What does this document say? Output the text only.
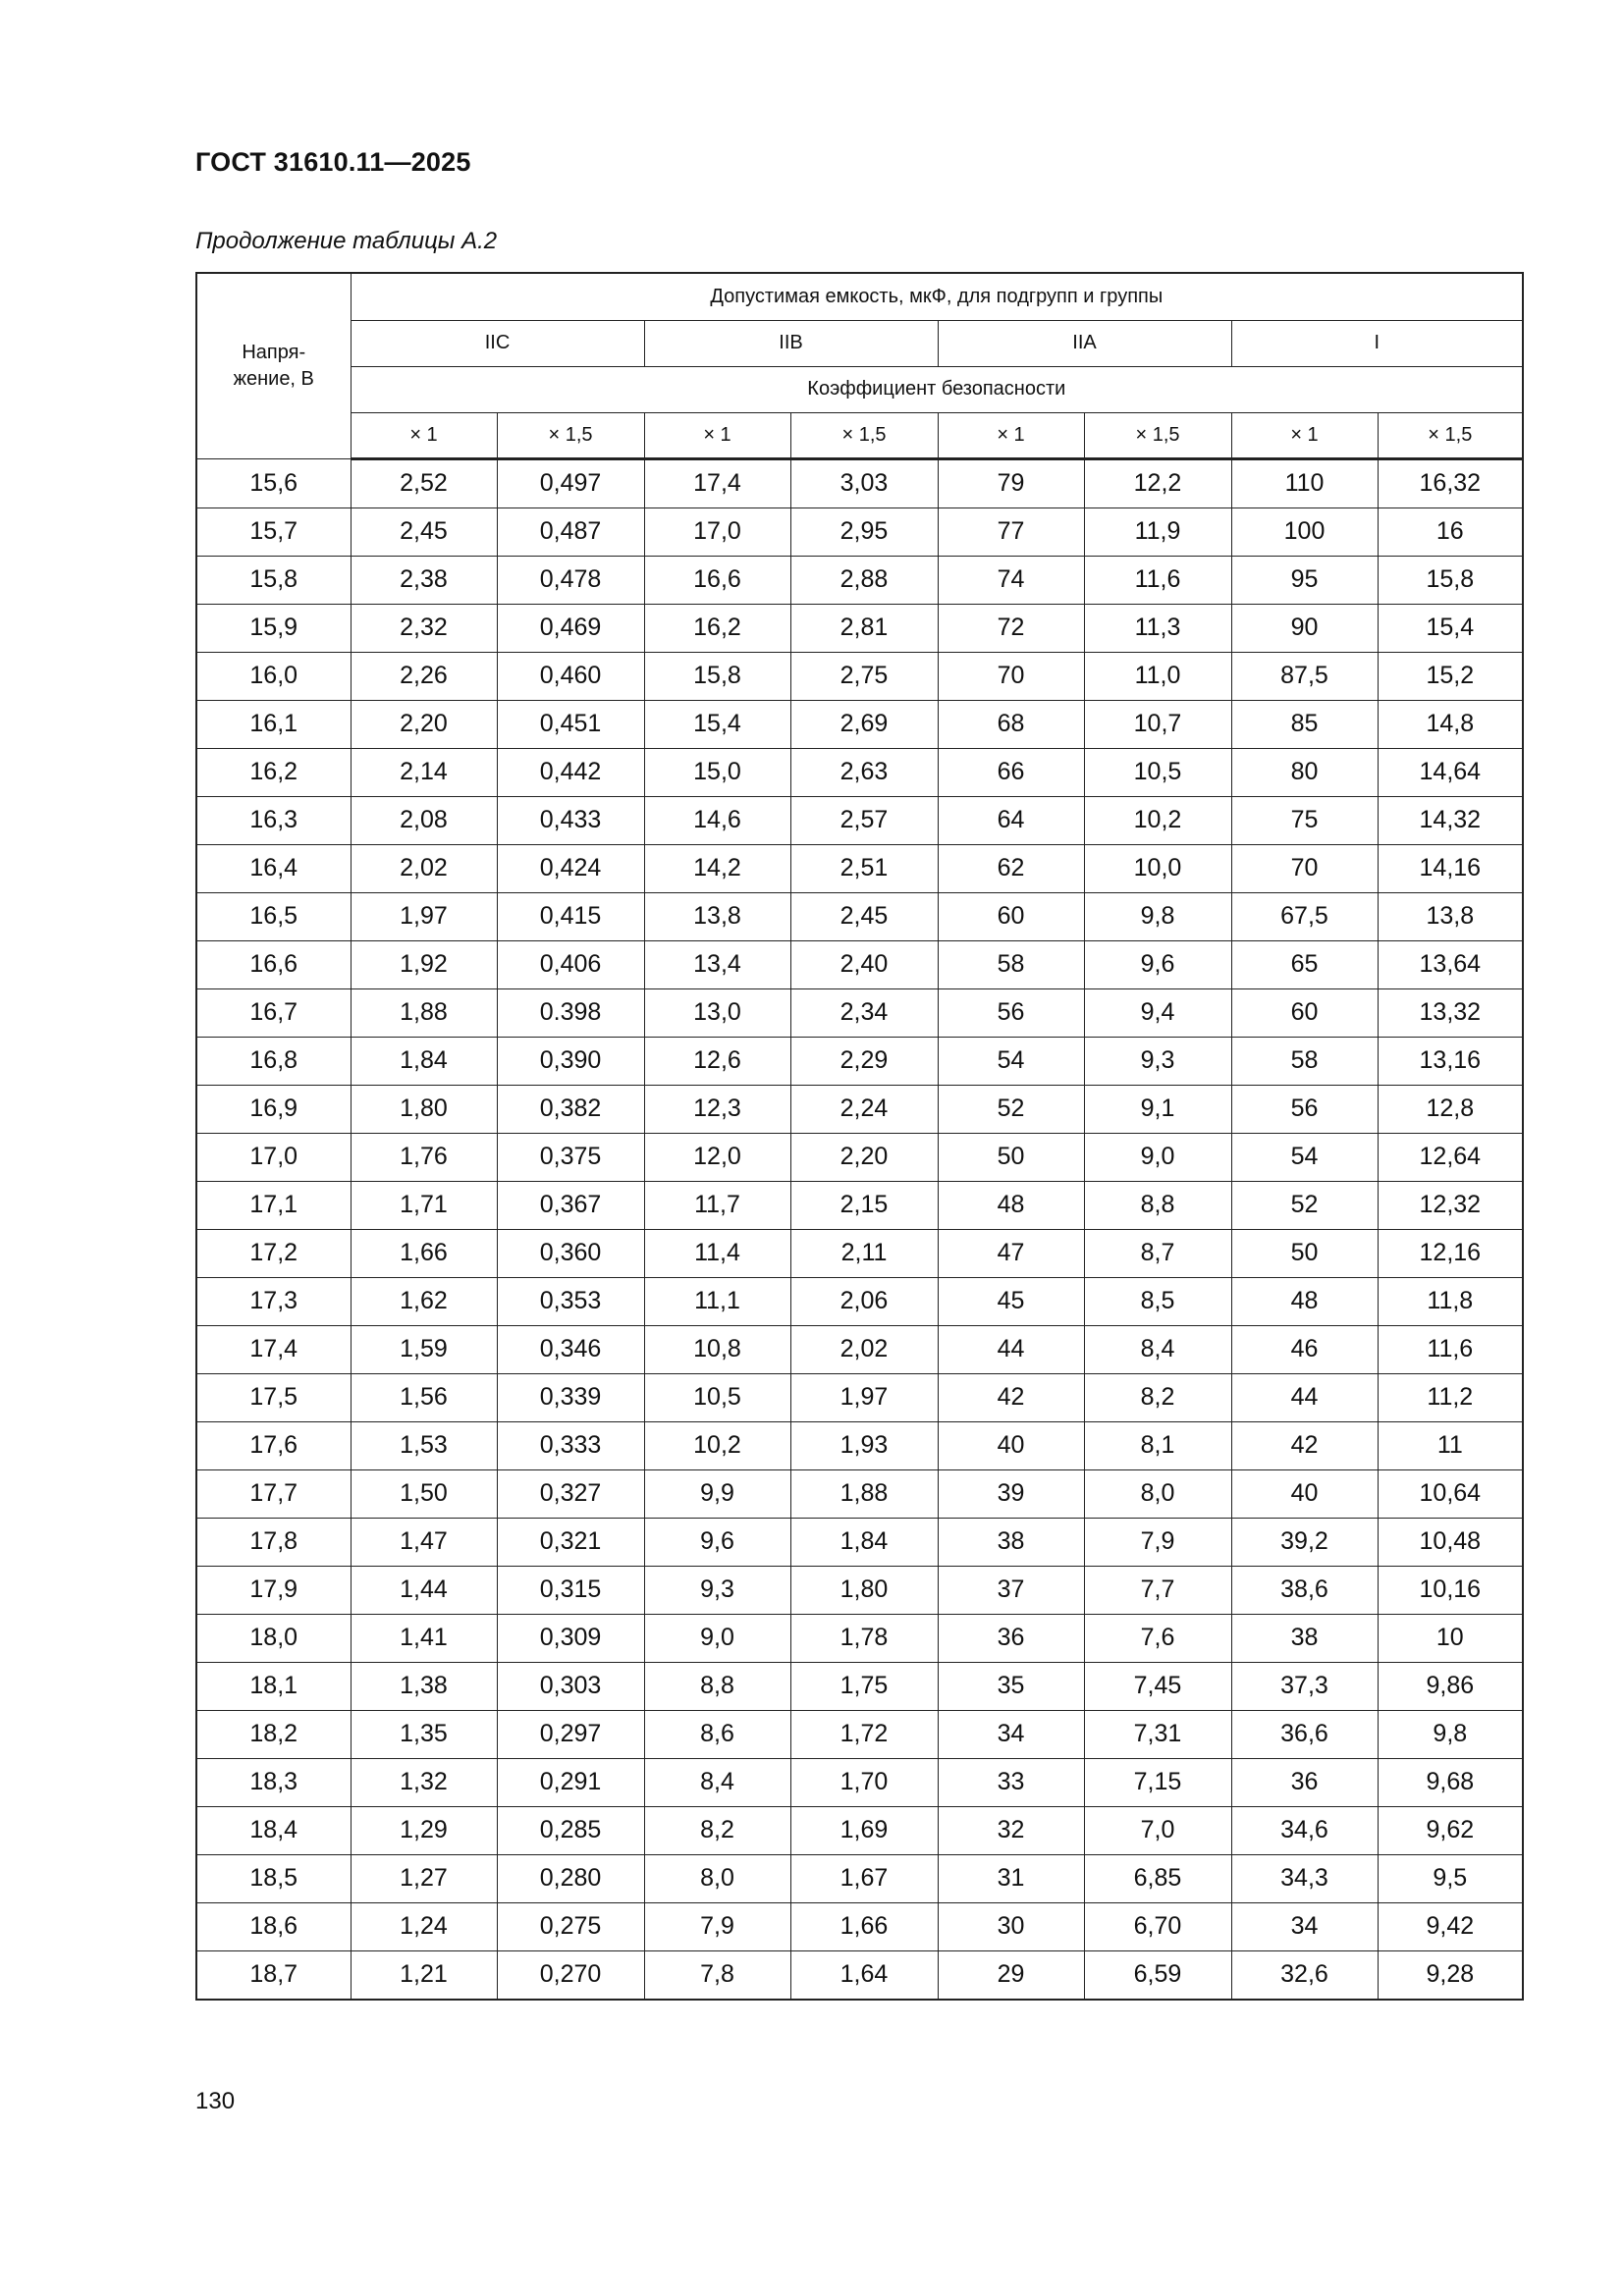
ГОСТ 31610.11—2025
Продолжение таблицы А.2
Напря-
жение, В	Допустимая емкость, мкФ, для подгрупп и группы							
	IIC		IIB		IIA		I	
	Коэффициент безопасности							
	× 1	× 1,5	× 1	× 1,5	× 1	× 1,5	× 1	× 1,5
15,6	2,52	0,497	17,4	3,03	79	12,2	110	16,32
15,7	2,45	0,487	17,0	2,95	77	11,9	100	16
15,8	2,38	0,478	16,6	2,88	74	11,6	95	15,8
15,9	2,32	0,469	16,2	2,81	72	11,3	90	15,4
16,0	2,26	0,460	15,8	2,75	70	11,0	87,5	15,2
16,1	2,20	0,451	15,4	2,69	68	10,7	85	14,8
16,2	2,14	0,442	15,0	2,63	66	10,5	80	14,64
16,3	2,08	0,433	14,6	2,57	64	10,2	75	14,32
16,4	2,02	0,424	14,2	2,51	62	10,0	70	14,16
16,5	1,97	0,415	13,8	2,45	60	9,8	67,5	13,8
16,6	1,92	0,406	13,4	2,40	58	9,6	65	13,64
16,7	1,88	0.398	13,0	2,34	56	9,4	60	13,32
16,8	1,84	0,390	12,6	2,29	54	9,3	58	13,16
16,9	1,80	0,382	12,3	2,24	52	9,1	56	12,8
17,0	1,76	0,375	12,0	2,20	50	9,0	54	12,64
17,1	1,71	0,367	11,7	2,15	48	8,8	52	12,32
17,2	1,66	0,360	11,4	2,11	47	8,7	50	12,16
17,3	1,62	0,353	11,1	2,06	45	8,5	48	11,8
17,4	1,59	0,346	10,8	2,02	44	8,4	46	11,6
17,5	1,56	0,339	10,5	1,97	42	8,2	44	11,2
17,6	1,53	0,333	10,2	1,93	40	8,1	42	11
17,7	1,50	0,327	9,9	1,88	39	8,0	40	10,64
17,8	1,47	0,321	9,6	1,84	38	7,9	39,2	10,48
17,9	1,44	0,315	9,3	1,80	37	7,7	38,6	10,16
18,0	1,41	0,309	9,0	1,78	36	7,6	38	10
18,1	1,38	0,303	8,8	1,75	35	7,45	37,3	9,86
18,2	1,35	0,297	8,6	1,72	34	7,31	36,6	9,8
18,3	1,32	0,291	8,4	1,70	33	7,15	36	9,68
18,4	1,29	0,285	8,2	1,69	32	7,0	34,6	9,62
18,5	1,27	0,280	8,0	1,67	31	6,85	34,3	9,5
18,6	1,24	0,275	7,9	1,66	30	6,70	34	9,42
18,7	1,21	0,270	7,8	1,64	29	6,59	32,6	9,28
130
